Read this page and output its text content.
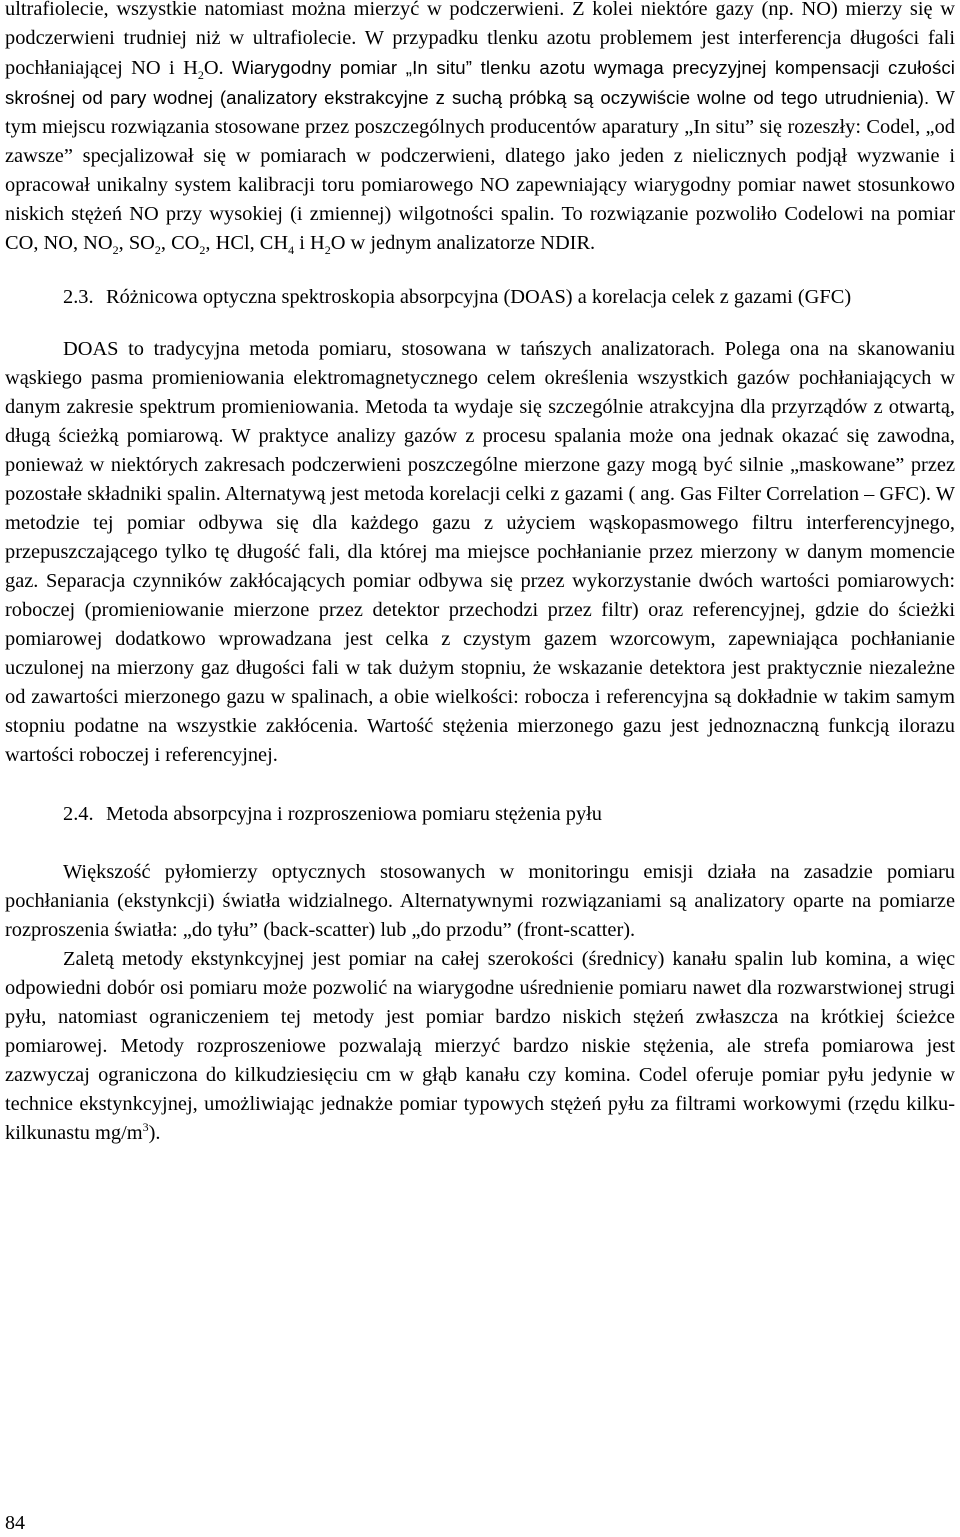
ultrafiolecie, wszystkie natomiast można mierzyć w podczerwieni. Z kolei niektóre gazy (np. NO) mierzy się w podczerwieni trudniej niż w ultrafiolecie. W przypadku tlenku azotu problemem jest interferencja długości fali pochłaniającej NO i $H_2O$. Wiarygodny pomiar „In situ” tlenku azotu wymaga precyzyjnej kompensacji czułości skrośnej od pary wodnej (analizatory ekstrakcyjne z suchą próbką są oczywiście wolne od tego utrudnienia). W tym miejscu rozwiązania stosowane przez poszczególnych producentów aparatury „In situ” się rozeszły: Codel, „od zawsze” specjalizował się w pomiarach w podczerwieni, dlatego jako jeden z nielicznych podjął wyzwanie i opracował unikalny system kalibracji toru pomiarowego NO zapewniający wiarygodny pomiar nawet stosunkowo niskich stężeń NO przy wysokiej (i zmiennej) wilgotności spalin. To rozwiązanie pozwoliło Codelowi na pomiar CO, NO, $NO_2$, $SO_2$, $CO_2$, HCl, $CH_4$ i $H_2O$ w jednym analizatorze NDIR.

2.3. Różnicowa optyczna spektroskopia absorpcyjna (DOAS) a korelacja celek z gazami (GFC)

DOAS to tradycyjna metoda pomiaru, stosowana w tańszych analizatorach. Polega ona na skanowaniu wąskiego pasma promieniowania elektromagnetycznego celem określenia wszystkich gazów pochłaniających w danym zakresie spektrum promieniowania. Metoda ta wydaje się szczególnie atrakcyjna dla przyrządów z otwartą, długą ścieżką pomiarową. W praktyce analizy gazów z procesu spalania może ona jednak okazać się zawodna, ponieważ w niektórych zakresach podczerwieni poszczególne mierzone gazy mogą być silnie „maskowane” przez pozostałe składniki spalin. Alternatywą jest metoda korelacji celki z gazami ( ang. Gas Filter Correlation – GFC). W metodzie tej pomiar odbywa się dla każdego gazu z użyciem wąskopasmowego filtru interferencyjnego, przepuszczającego tylko tę długość fali, dla której ma miejsce pochłanianie przez mierzony w danym momencie gaz. Separacja czynników zakłócających pomiar odbywa się przez wykorzystanie dwóch wartości pomiarowych: roboczej (promieniowanie mierzone przez detektor przechodzi przez filtr) oraz referencyjnej, gdzie do ścieżki pomiarowej dodatkowo wprowadzana jest celka z czystym gazem wzorcowym, zapewniająca pochłanianie uczulonej na mierzony gaz długości fali w tak dużym stopniu, że wskazanie detektora jest praktycznie niezależne od zawartości mierzonego gazu w spalinach, a obie wielkości: robocza i referencyjna są dokładnie w takim samym stopniu podatne na wszystkie zakłócenia. Wartość stężenia mierzonego gazu jest jednoznaczną funkcją ilorazu wartości roboczej i referencyjnej.

2.4. Metoda absorpcyjna i rozproszeniowa pomiaru stężenia pyłu

Większość pyłomierzy optycznych stosowanych w monitoringu emisji działa na zasadzie pomiaru pochłaniania (ekstynkcji) światła widzialnego. Alternatywnymi rozwiązaniami są analizatory oparte na pomiarze rozproszenia światła: „do tyłu” (back-scatter) lub „do przodu” (front-scatter).

Zaletą metody ekstynkcyjnej jest pomiar na całej szerokości (średnicy) kanału spalin lub komina, a więc odpowiedni dobór osi pomiaru może pozwolić na wiarygodne uśrednienie pomiaru nawet dla rozwarstwionej strugi pyłu, natomiast ograniczeniem tej metody jest pomiar bardzo niskich stężeń zwłaszcza na krótkiej ścieżce pomiarowej. Metody rozproszeniowe pozwalają mierzyć bardzo niskie stężenia, ale strefa pomiarowa jest zazwyczaj ograniczona do kilkudziesięciu cm w głąb kanału czy komina. Codel oferuje pomiar pyłu jedynie w technice ekstynkcyjnej, umożliwiając jednakże pomiar typowych stężeń pyłu za filtrami workowymi (rzędu kilku-kilkunastu $mg/m^3$).

84
